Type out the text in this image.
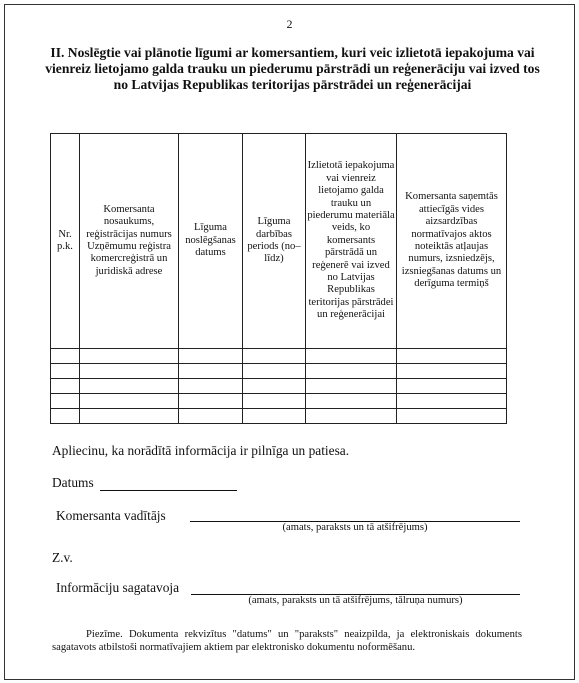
2
II. Noslēgtie vai plānotie līgumi ar komersantiem, kuri veic izlietotā iepakojuma vai vienreiz lietojamo galda trauku un piederumu pārstrādi un reģenerāciju vai izved tos no Latvijas Republikas teritorijas pārstrādei un reģenerācijai
Nr. p.k.	Komersanta nosaukums, reģistrācijas numurs Uzņēmumu reģistra komercreģistrā un juridiskā adrese	Līguma noslēgšanas datums	Līguma darbības periods (no–līdz)	Izlietotā iepakojuma vai vienreiz lietojamo galda trauku un piederumu materiāla veids, ko komersants pārstrādā un reģenerē vai izved no Latvijas Republikas teritorijas pārstrādei un reģenerācijai	Komersanta saņemtās attiecīgās vides aizsardzības normatīvajos aktos noteiktās atļaujas numurs, izsniedzējs, izsniegšanas datums un derīguma termiņš

Apliecinu, ka norādītā informācija ir pilnīga un patiesa.
Datums
Komersanta vadītājs
(amats, paraksts un tā atšifrējums)
Z.v.
Informāciju sagatavoja
(amats, paraksts un tā atšifrējums, tālruņa numurs)
Piezīme. Dokumenta rekvizītus "datums" un "paraksts" neaizpilda, ja elektroniskais dokuments sagatavots atbilstoši normatīvajiem aktiem par elektronisko dokumentu noformēšanu.
